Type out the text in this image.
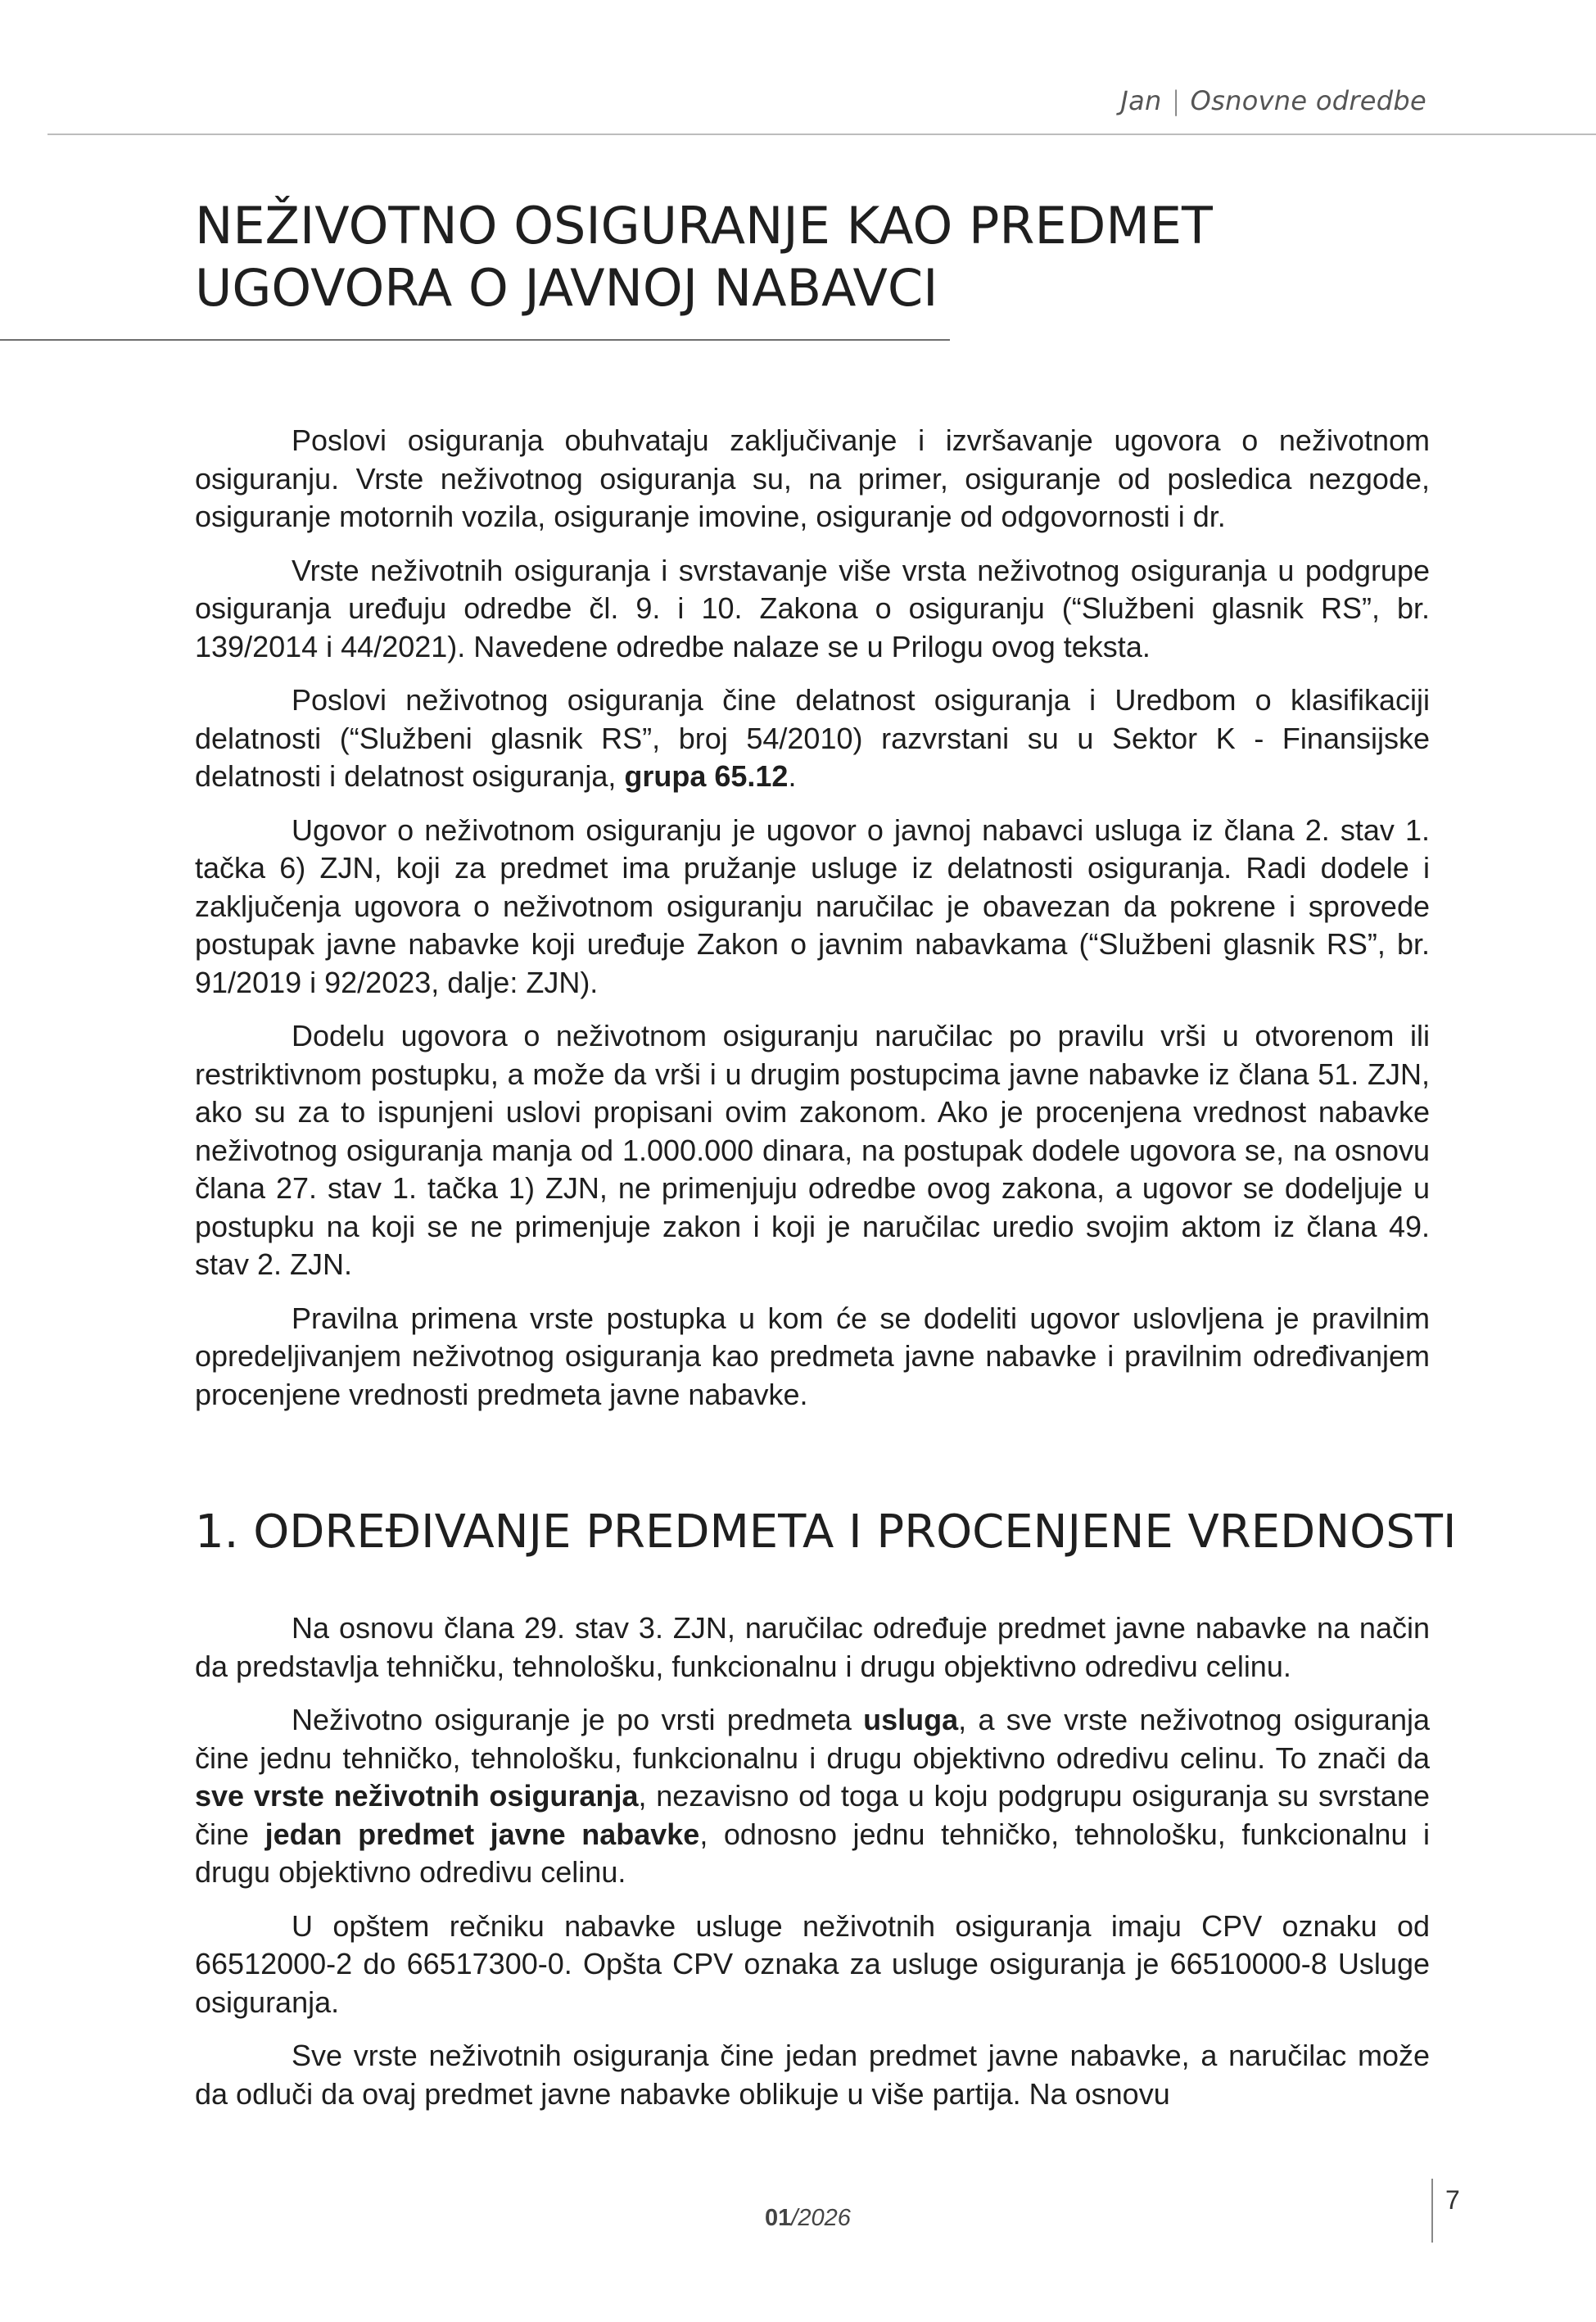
Jan | Osnovne odredbe
NEŽIVOTNO OSIGURANJE KAO PREDMET
UGOVORA O JAVNOJ NABAVCI

Poslovi osiguranja obuhvataju zaključivanje i izvršavanje ugovora o neživotnom osiguranju. Vrste neživotnog osiguranja su, na primer, osiguranje od posledica nezgode, osiguranje motornih vozila, osiguranje imovine, osiguranje od odgovornosti i dr.

Vrste neživotnih osiguranja i svrstavanje više vrsta neživotnog osiguranja u podgrupe osiguranja uređuju odredbe čl. 9. i 10. Zakona o osiguranju (“Službeni glasnik RS”, br. 139/2014 i 44/2021). Navedene odredbe nalaze se u Prilogu ovog teksta.

Poslovi neživotnog osiguranja čine delatnost osiguranja i Uredbom o klasifikaciji delatnosti (“Službeni glasnik RS”, broj 54/2010) razvrstani su u Sektor K - Finansijske delatnosti i delatnost osiguranja, grupa 65.12.

Ugovor o neživotnom osiguranju je ugovor o javnoj nabavci usluga iz člana 2. stav 1. tačka 6) ZJN, koji za predmet ima pružanje usluge iz delatnosti osiguranja. Radi dodele i zaključenja ugovora o neživotnom osiguranju naručilac je obavezan da pokrene i sprovede postupak javne nabavke koji uređuje Zakon o javnim nabavkama (“Službeni glasnik RS”, br. 91/2019 i 92/2023, dalje: ZJN).

Dodelu ugovora o neživotnom osiguranju naručilac po pravilu vrši u otvorenom ili restriktivnom postupku, a može da vrši i u drugim postupcima javne nabavke iz člana 51. ZJN, ako su za to ispunjeni uslovi propisani ovim zakonom. Ako je procenjena vrednost nabavke neživotnog osiguranja manja od 1.000.000 dinara, na postupak dodele ugovora se, na osnovu člana 27. stav 1. tačka 1) ZJN, ne primenjuju odredbe ovog zakona, a ugovor se dodeljuje u postupku na koji se ne primenjuje zakon i koji je naručilac uredio svojim aktom iz člana 49. stav 2. ZJN.

Pravilna primena vrste postupka u kom će se dodeliti ugovor uslovljena je pravilnim opredeljivanjem neživotnog osiguranja kao predmeta javne nabavke i pravilnim određivanjem procenjene vrednosti predmeta javne nabavke.

1. ODREĐIVANJE PREDMETA I PROCENJENE VREDNOSTI

Na osnovu člana 29. stav 3. ZJN, naručilac određuje predmet javne nabavke na način da predstavlja tehničku, tehnološku, funkcionalnu i drugu objektivno odredivu celinu.

Neživotno osiguranje je po vrsti predmeta usluga, a sve vrste neživotnog osiguranja čine jednu tehničko, tehnološku, funkcionalnu i drugu objektivno odredivu celinu. To znači da sve vrste neživotnih osiguranja, nezavisno od toga u koju podgrupu osiguranja su svrstane čine jedan predmet javne nabavke, odnosno jednu tehničko, tehnološku, funkcionalnu i drugu objektivno odredivu celinu.

U opštem rečniku nabavke usluge neživotnih osiguranja imaju CPV oznaku od 66512000-2 do 66517300-0. Opšta CPV oznaka za usluge osiguranja je 66510000-8 Usluge osiguranja.

Sve vrste neživotnih osiguranja čine jedan predmet javne nabavke, a naručilac može da odluči da ovaj predmet javne nabavke oblikuje u više partija. Na osnovu

01/2026
7
